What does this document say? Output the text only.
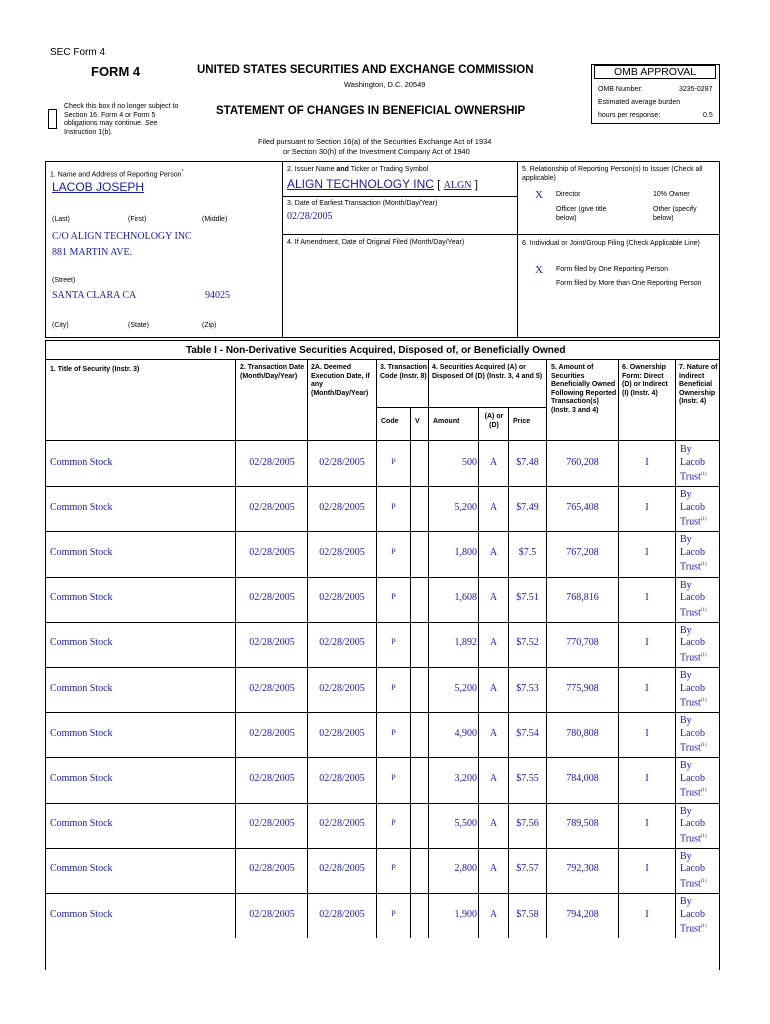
SEC Form 4
FORM 4	UNITED STATES SECURITIES AND EXCHANGE COMMISSION
Washington, D.C. 20549
Check this box if no longer subject to Section 16. Form 4 or Form 5 obligations may continue. See Instruction 1(b).
STATEMENT OF CHANGES IN BENEFICIAL OWNERSHIP
Filed pursuant to Section 16(a) of the Securities Exchange Act of 1934
or Section 30(h) of the Investment Company Act of 1940
OMB APPROVAL
OMB Number:	3235-0287
Estimated average burden
hours per response:	0.5
1. Name and Address of Reporting Person*
LACOB JOSEPH
(Last)	(First)	(Middle)
C/O ALIGN TECHNOLOGY INC
881 MARTIN AVE.
(Street)
SANTA CLARA CA	94025
(City)	(State)	(Zip)
2. Issuer Name and Ticker or Trading Symbol
ALIGN TECHNOLOGY INC [ ALGN ]
3. Date of Earliest Transaction (Month/Day/Year)
02/28/2005
4. If Amendment, Date of Original Filed (Month/Day/Year)
5. Relationship of Reporting Person(s) to Issuer (Check all applicable)
X Director	10% Owner
Officer (give title below)
Other (specify below)
6. Individual or Joint/Group Filing (Check Applicable Line)
X Form filed by One Reporting Person
Form filed by More than One Reporting Person
Table I - Non-Derivative Securities Acquired, Disposed of, or Beneficially Owned
1. Title of Security (Instr. 3)	2. Transaction Date (Month/Day/Year)
2A. Deemed Execution Date, if any (Month/Day/Year)
3. Transaction Code (Instr. 8)
4. Securities Acquired (A) or Disposed Of (D) (Instr. 3, 4 and 5)
5. Amount of Securities Beneficially Owned Following Reported Transaction(s) (Instr. 3 and 4)
6. Ownership Form: Direct (D) or Indirect (I) (Instr. 4)
7. Nature of Indirect Beneficial Ownership (Instr. 4)
Code V Amount
(A) or (D)	Price
Common Stock	02/28/2005	02/28/2005	P	500	A	$7.48	760,208	I
By
Lacob
Trust$^{(1)}$
Common Stock	02/28/2005	02/28/2005	P	5,200	A	$7.49	765,408	I
By
Lacob
Trust$^{(1)}$
Common Stock	02/28/2005	02/28/2005	P	1,800	A	$7.5	767,208	I
By
Lacob
Trust$^{(1)}$
Common Stock	02/28/2005	02/28/2005	P	1,608	A	$7.51	768,816	I
By
Lacob
Trust$^{(1)}$
Common Stock	02/28/2005	02/28/2005	P	1,892	A	$7.52	770,708	I
By
Lacob
Trust$^{(1)}$
Common Stock	02/28/2005	02/28/2005	P	5,200	A	$7.53	775,908	I
By
Lacob
Trust$^{(1)}$
Common Stock	02/28/2005	02/28/2005	P	4,900	A	$7.54	780,808	I
By
Lacob
Trust$^{(1)}$
Common Stock	02/28/2005	02/28/2005	P	3,200	A	$7.55	784,008	I
By
Lacob
Trust$^{(1)}$
Common Stock	02/28/2005	02/28/2005	P	5,500	A	$7.56	789,508	I
By
Lacob
Trust$^{(1)}$
Common Stock	02/28/2005	02/28/2005	P	2,800	A	$7.57	792,308	I
By
Lacob
Trust$^{(1)}$
Common Stock	02/28/2005	02/28/2005	P	1,900	A	$7.58	794,208	I
By
Lacob
Trust$^{(1)}$
